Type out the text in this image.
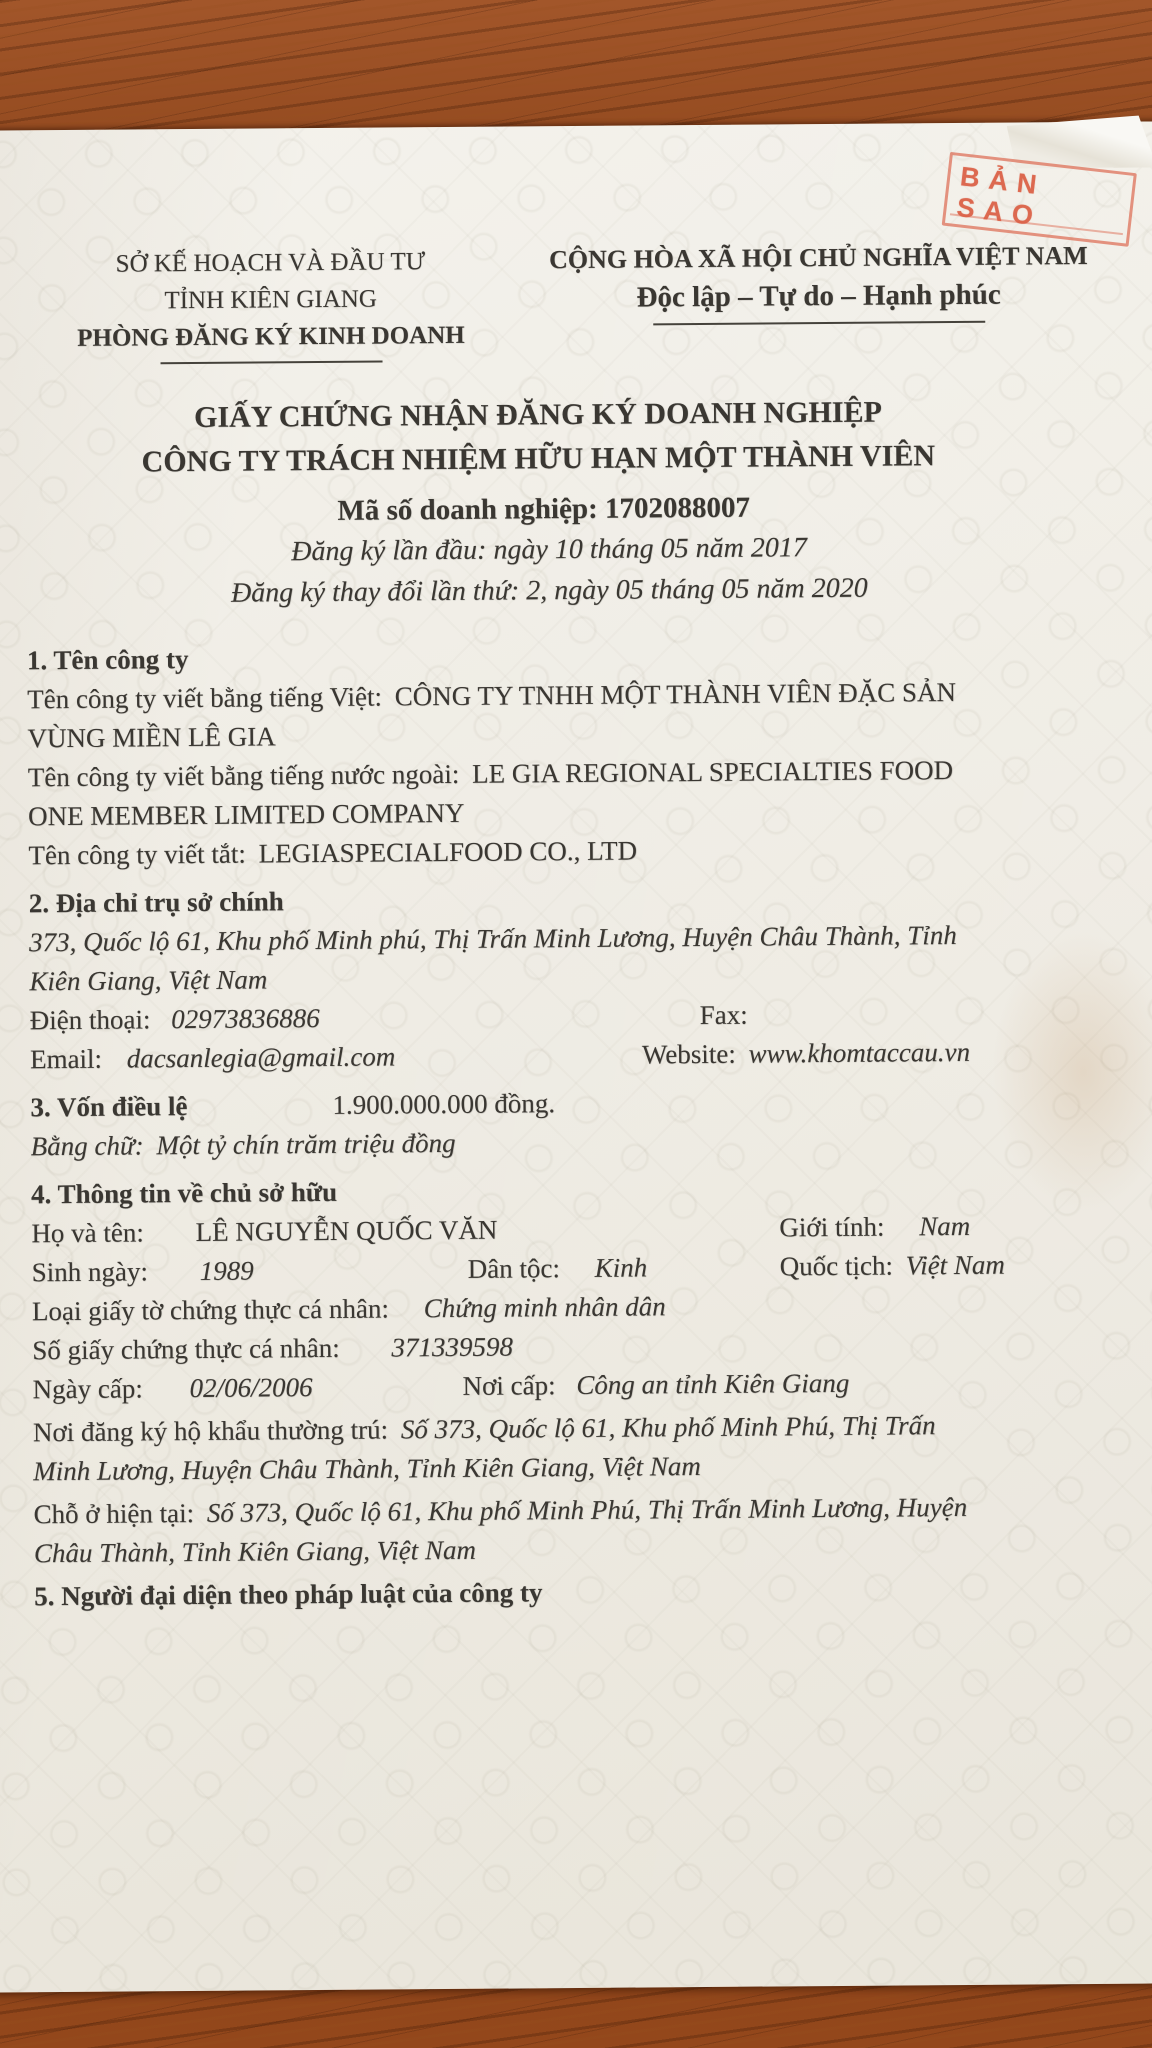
BẢN SAO
SỞ KẾ HOẠCH VÀ ĐẦU TƯ
TỈNH KIÊN GIANG
PHÒNG ĐĂNG KÝ KINH DOANH
CỘNG HÒA XÃ HỘI CHỦ NGHĨA VIỆT NAM
Độc lập – Tự do – Hạnh phúc
GIẤY CHỨNG NHẬN ĐĂNG KÝ DOANH NGHIỆP
CÔNG TY TRÁCH NHIỆM HỮU HẠN MỘT THÀNH VIÊN
Mã số doanh nghiệp: 1702088007
Đăng ký lần đầu: ngày 10 tháng 05 năm 2017
Đăng ký thay đổi lần thứ: 2, ngày 05 tháng 05 năm 2020
1. Tên công ty
Tên công ty viết bằng tiếng Việt: CÔNG TY TNHH MỘT THÀNH VIÊN ĐẶC SẢN
VÙNG MIỀN LÊ GIA
Tên công ty viết bằng tiếng nước ngoài: LE GIA REGIONAL SPECIALTIES FOOD
ONE MEMBER LIMITED COMPANY
Tên công ty viết tắt: LEGIASPECIALFOOD CO., LTD
2. Địa chỉ trụ sở chính
373, Quốc lộ 61, Khu phố Minh phú, Thị Trấn Minh Lương, Huyện Châu Thành, Tỉnh
Kiên Giang, Việt Nam
Điện thoại: 02973836886	Fax:
Email: dacsanlegia@gmail.com	Website: www.khomtaccau.vn
3. Vốn điều lệ	1.900.000.000 đồng.
Bằng chữ: Một tỷ chín trăm triệu đồng
4. Thông tin về chủ sở hữu
Họ và tên: LÊ NGUYỄN QUỐC VĂN	Giới tính: Nam
Sinh ngày: 1989	Dân tộc: Kinh	Quốc tịch: Việt Nam
Loại giấy tờ chứng thực cá nhân: Chứng minh nhân dân
Số giấy chứng thực cá nhân: 371339598
Ngày cấp: 02/06/2006	Nơi cấp: Công an tỉnh Kiên Giang
Nơi đăng ký hộ khẩu thường trú: Số 373, Quốc lộ 61, Khu phố Minh Phú, Thị Trấn
Minh Lương, Huyện Châu Thành, Tỉnh Kiên Giang, Việt Nam
Chỗ ở hiện tại: Số 373, Quốc lộ 61, Khu phố Minh Phú, Thị Trấn Minh Lương, Huyện
Châu Thành, Tỉnh Kiên Giang, Việt Nam
5. Người đại diện theo pháp luật của công ty
